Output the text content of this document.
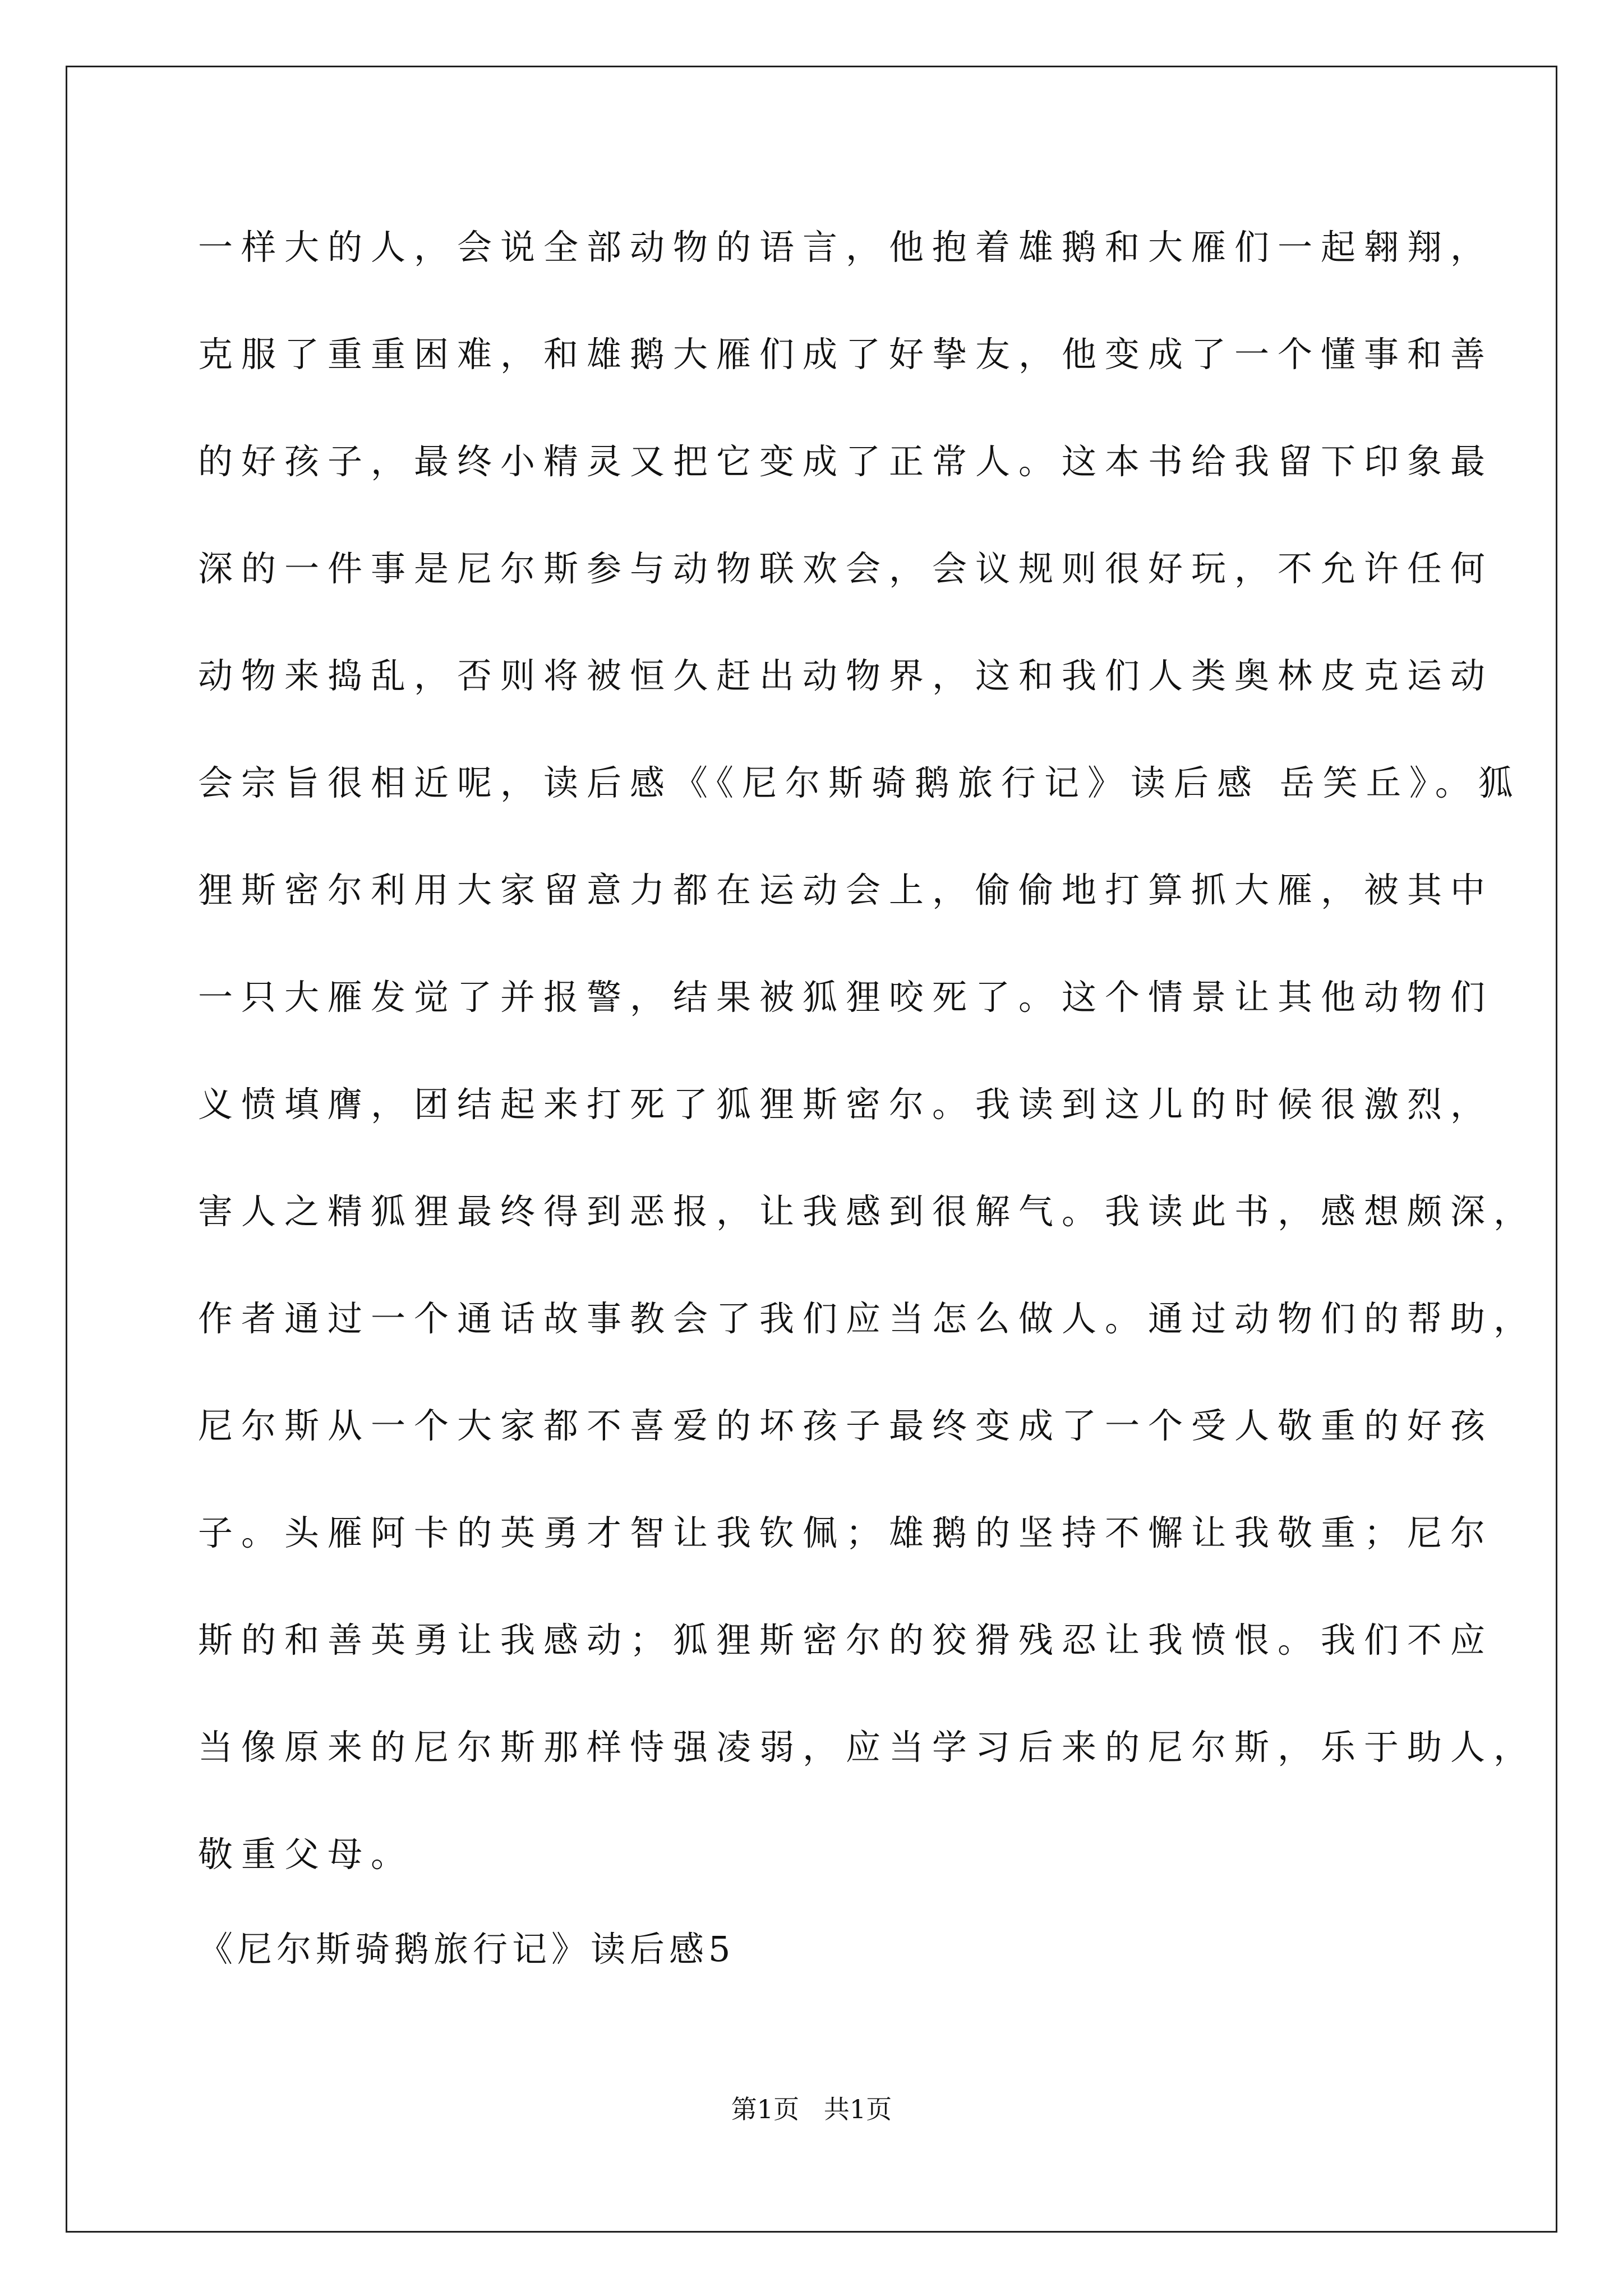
一样大的人，会说全部动物的语言，他抱着雄鹅和大雁们一起翱翔，
克服了重重困难，和雄鹅大雁们成了好挚友，他变成了一个懂事和善
的好孩子，最终小精灵又把它变成了正常人。这本书给我留下印象最
深的一件事是尼尔斯参与动物联欢会，会议规则很好玩，不允许任何
动物来捣乱，否则将被恒久赶出动物界，这和我们人类奥林皮克运动
会宗旨很相近呢，读后感《《尼尔斯骑鹅旅行记》读后感 岳笑丘》。狐
狸斯密尔利用大家留意力都在运动会上，偷偷地打算抓大雁，被其中
一只大雁发觉了并报警，结果被狐狸咬死了。这个情景让其他动物们
义愤填膺，团结起来打死了狐狸斯密尔。我读到这儿的时候很激烈，
害人之精狐狸最终得到恶报，让我感到很解气。我读此书，感想颇深，
作者通过一个通话故事教会了我们应当怎么做人。通过动物们的帮助，
尼尔斯从一个大家都不喜爱的坏孩子最终变成了一个受人敬重的好孩
子。头雁阿卡的英勇才智让我钦佩；雄鹅的坚持不懈让我敬重；尼尔
斯的和善英勇让我感动；狐狸斯密尔的狡猾残忍让我愤恨。我们不应
当像原来的尼尔斯那样恃强凌弱，应当学习后来的尼尔斯，乐于助人，
敬重父母。
《尼尔斯骑鹅旅行记》读后感5
第1页   共1页
